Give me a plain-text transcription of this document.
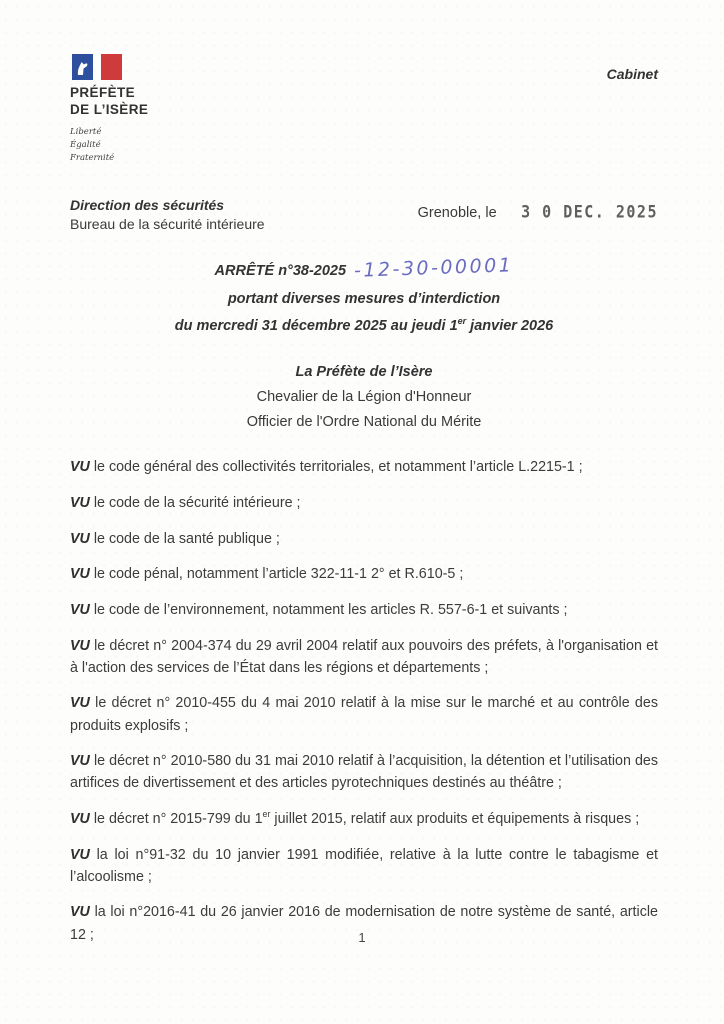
PRÉFÈTE
DE L’ISÈRE
Liberté
Égalité
Fraternité
Cabinet
Direction des sécurités
Bureau de la sécurité intérieure
Grenoble, le 3 0 DEC. 2025
ARRÊTÉ n°38-2025 -12-30-00001
portant diverses mesures d’interdiction
du mercredi 31 décembre 2025 au jeudi 1er janvier 2026
La Préfète de l’Isère
Chevalier de la Légion d'Honneur
Officier de l'Ordre National du Mérite

VU le code général des collectivités territoriales, et notamment l’article L.2215-1 ;

VU le code de la sécurité intérieure ;

VU le code de la santé publique ;

VU le code pénal, notamment l’article 322-11-1 2° et R.610-5 ;

VU le code de l’environnement, notamment les articles R. 557-6-1 et suivants ;

VU le décret n° 2004-374 du 29 avril 2004 relatif aux pouvoirs des préfets, à l'organisation et à l'action des services de l’État dans les régions et départements ;

VU le décret n° 2010-455 du 4 mai 2010 relatif à la mise sur le marché et au contrôle des produits explosifs ;

VU le décret n° 2010-580 du 31 mai 2010 relatif à l’acquisition, la détention et l’utilisation des artifices de divertissement et des articles pyrotechniques destinés au théâtre ;

VU le décret n° 2015-799 du 1er juillet 2015, relatif aux produits et équipements à risques ;

VU la loi n°91-32 du 10 janvier 1991 modifiée, relative à la lutte contre le tabagisme et l’alcoolisme ;

VU la loi n°2016-41 du 26 janvier 2016 de modernisation de notre système de santé, article 12 ;	1
